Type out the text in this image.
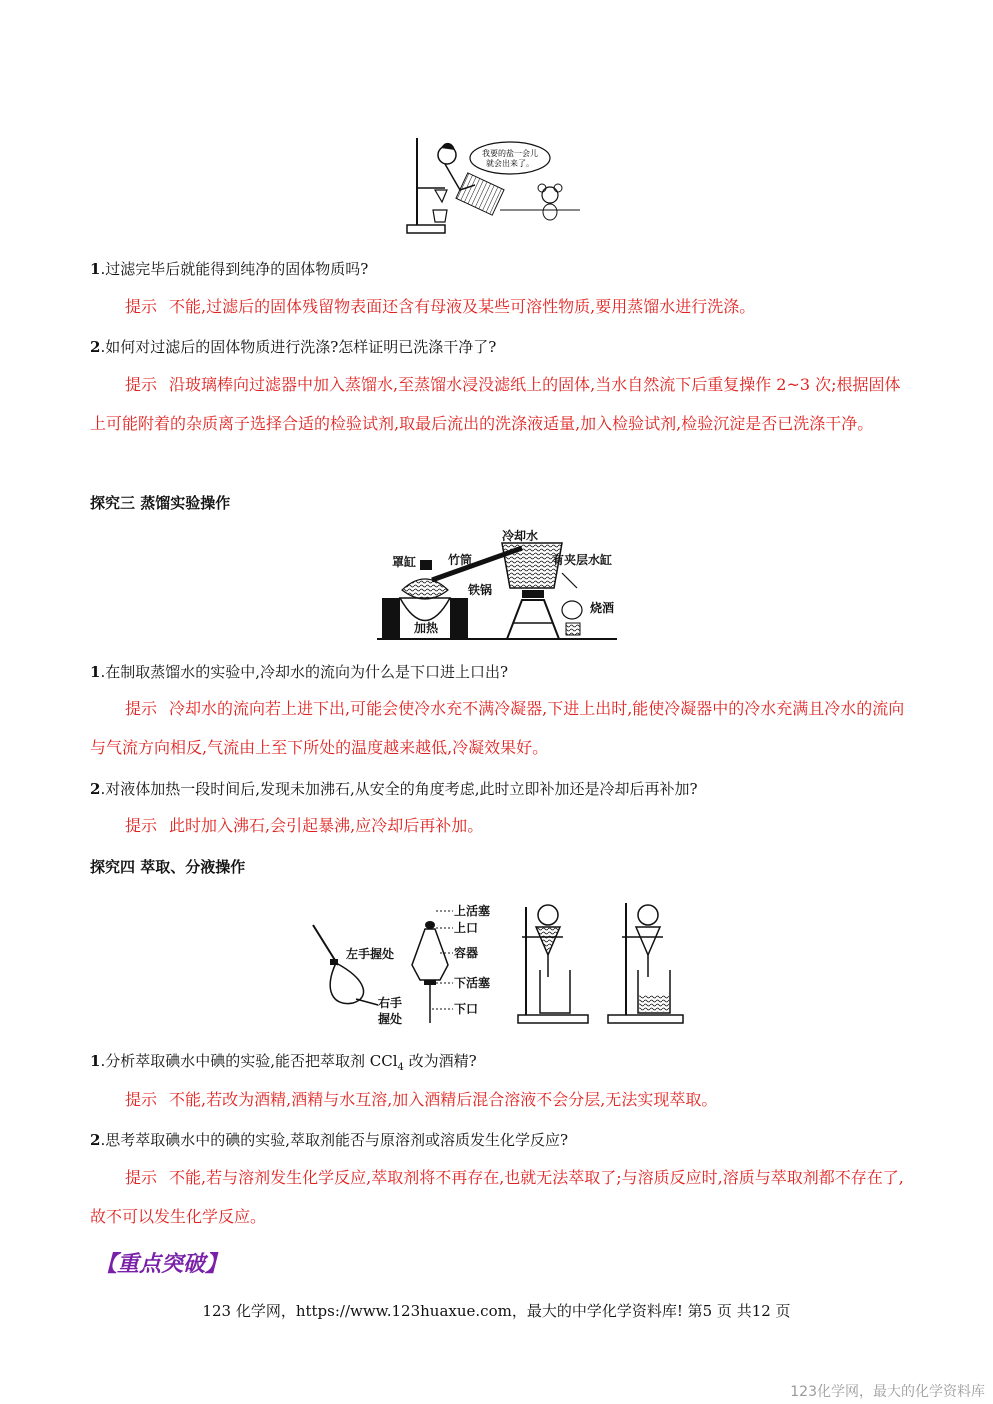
我要的盐一会儿
就会出来了。
1.过滤完毕后就能得到纯净的固体物质吗?
提示 不能,过滤后的固体残留物表面还含有母液及某些可溶性物质,要用蒸馏水进行洗涤。
2.如何对过滤后的固体物质进行洗涤?怎样证明已洗涤干净了?
提示 沿玻璃棒向过滤器中加入蒸馏水,至蒸馏水浸没滤纸上的固体,当水自然流下后重复操作 2~3 次;根据固体上可能附着的杂质离子选择合适的检验试剂,取最后流出的洗涤液适量,加入检验试剂,检验沉淀是否已洗涤干净。
探究三 蒸馏实验操作
罩缸	竹筒
冷却水
有夹层水缸
铁锅
烧酒
加热
1.在制取蒸馏水的实验中,冷却水的流向为什么是下口进上口出?
提示 冷却水的流向若上进下出,可能会使冷水充不满冷凝器,下进上出时,能使冷凝器中的冷水充满且冷水的流向与气流方向相反,气流由上至下所处的温度越来越低,冷凝效果好。
2.对液体加热一段时间后,发现未加沸石,从安全的角度考虑,此时立即补加还是冷却后再补加?
提示 此时加入沸石,会引起暴沸,应冷却后再补加。
探究四 萃取、分液操作
左手握处
右手
握处
上活塞
上口
容器
下活塞
下口
1.分析萃取碘水中碘的实验,能否把萃取剂 CCl$_4$ 改为酒精?
提示 不能,若改为酒精,酒精与水互溶,加入酒精后混合溶液不会分层,无法实现萃取。
2.思考萃取碘水中的碘的实验,萃取剂能否与原溶剂或溶质发生化学反应?
提示 不能,若与溶剂发生化学反应,萃取剂将不再存在,也就无法萃取了;与溶质反应时,溶质与萃取剂都不存在了,故不可以发生化学反应。
【重点突破】
123 化学网，https://www.123huaxue.com，最大的中学化学资料库! 第5 页 共12 页
123化学网，最大的化学资料库
